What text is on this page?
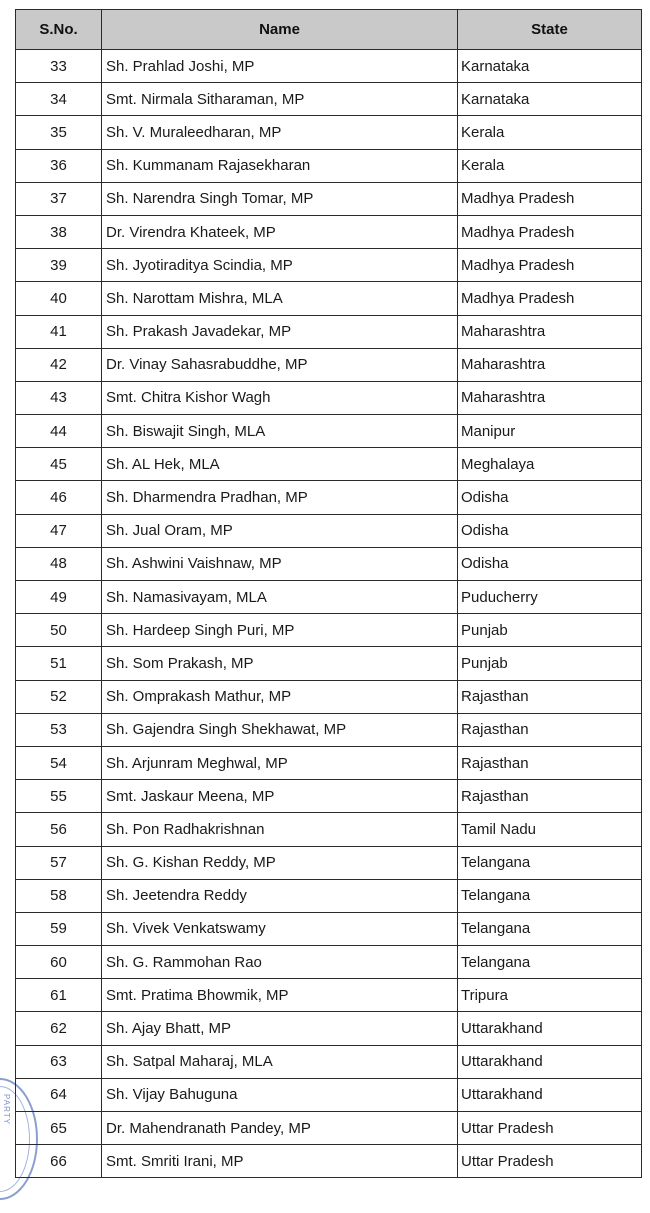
PARTY
S.No.	Name	State
33	Sh. Prahlad Joshi, MP	Karnataka
34	Smt. Nirmala Sitharaman, MP	Karnataka
35	Sh. V. Muraleedharan, MP	Kerala
36	Sh. Kummanam Rajasekharan	Kerala
37	Sh. Narendra Singh Tomar, MP	Madhya Pradesh
38	Dr. Virendra Khateek, MP	Madhya Pradesh
39	Sh. Jyotiraditya Scindia, MP	Madhya Pradesh
40	Sh. Narottam Mishra, MLA	Madhya Pradesh
41	Sh. Prakash Javadekar, MP	Maharashtra
42	Dr. Vinay Sahasrabuddhe, MP	Maharashtra
43	Smt. Chitra Kishor Wagh	Maharashtra
44	Sh. Biswajit Singh, MLA	Manipur
45	Sh. AL Hek, MLA	Meghalaya
46	Sh. Dharmendra Pradhan, MP	Odisha
47	Sh. Jual Oram, MP	Odisha
48	Sh. Ashwini Vaishnaw, MP	Odisha
49	Sh. Namasivayam, MLA	Puducherry
50	Sh. Hardeep Singh Puri, MP	Punjab
51	Sh. Som Prakash, MP	Punjab
52	Sh. Omprakash Mathur, MP	Rajasthan
53	Sh. Gajendra Singh Shekhawat, MP	Rajasthan
54	Sh. Arjunram Meghwal, MP	Rajasthan
55	Smt. Jaskaur Meena, MP	Rajasthan
56	Sh. Pon Radhakrishnan	Tamil Nadu
57	Sh. G. Kishan Reddy, MP	Telangana
58	Sh. Jeetendra Reddy	Telangana
59	Sh. Vivek Venkatswamy	Telangana
60	Sh. G. Rammohan Rao	Telangana
61	Smt. Pratima Bhowmik, MP	Tripura
62	Sh. Ajay Bhatt, MP	Uttarakhand
63	Sh. Satpal Maharaj, MLA	Uttarakhand
64	Sh. Vijay Bahuguna	Uttarakhand
65	Dr. Mahendranath Pandey, MP	Uttar Pradesh
66	Smt. Smriti Irani, MP	Uttar Pradesh
